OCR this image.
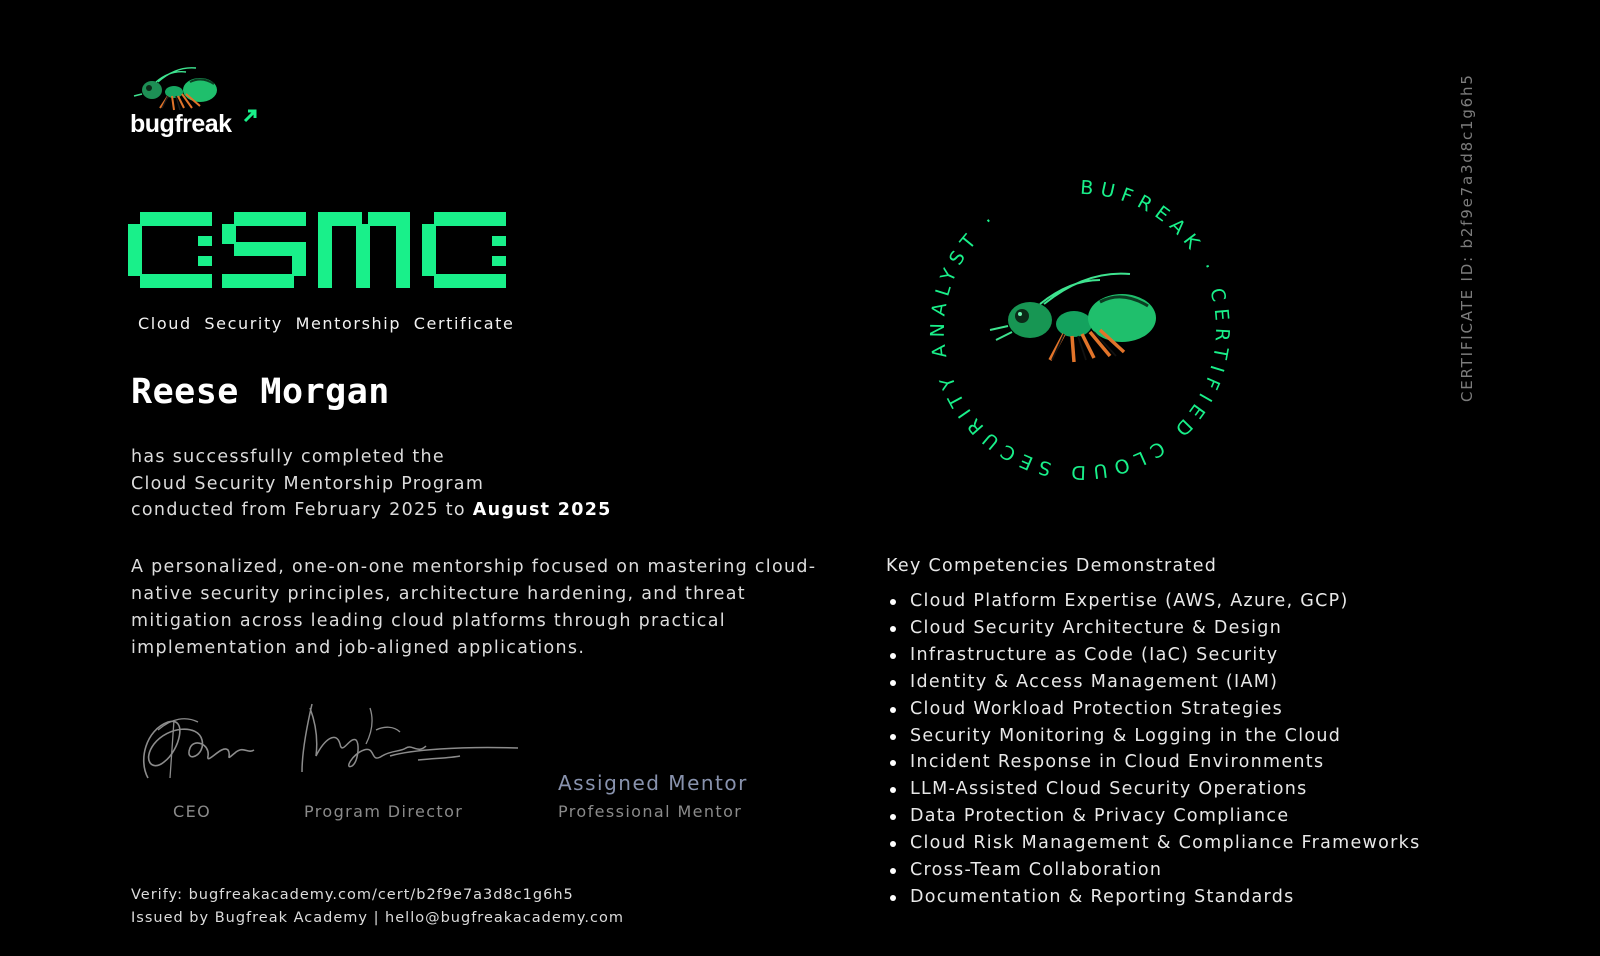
bugfreak
Cloud Security Mentorship Certificate
Reese Morgan
has successfully completed the
Cloud Security Mentorship Program
conducted from February 2025 to August 2025
A personalized, one-on-one mentorship focused on mastering cloud-native security principles, architecture hardening, and threat mitigation across leading cloud platforms through practical implementation and job-aligned applications.
CEO	Program Director
Assigned Mentor
Professional Mentor
Verify: bugfreakacademy.com/cert/b2f9e7a3d8c1g6h5
Issued by Bugfreak Academy | hello@bugfreakacademy.com
BUFREAK · CERTIFIED CLOUD SECURITY ANALYST ·	CERTIFICATE ID: b2f9e7a3d8c1g6h5
Key Competencies Demonstrated
Cloud Platform Expertise (AWS, Azure, GCP)
Cloud Security Architecture & Design
Infrastructure as Code (IaC) Security
Identity & Access Management (IAM)
Cloud Workload Protection Strategies
Security Monitoring & Logging in the Cloud
Incident Response in Cloud Environments
LLM-Assisted Cloud Security Operations
Data Protection & Privacy Compliance
Cloud Risk Management & Compliance Frameworks
Cross-Team Collaboration
Documentation & Reporting Standards
